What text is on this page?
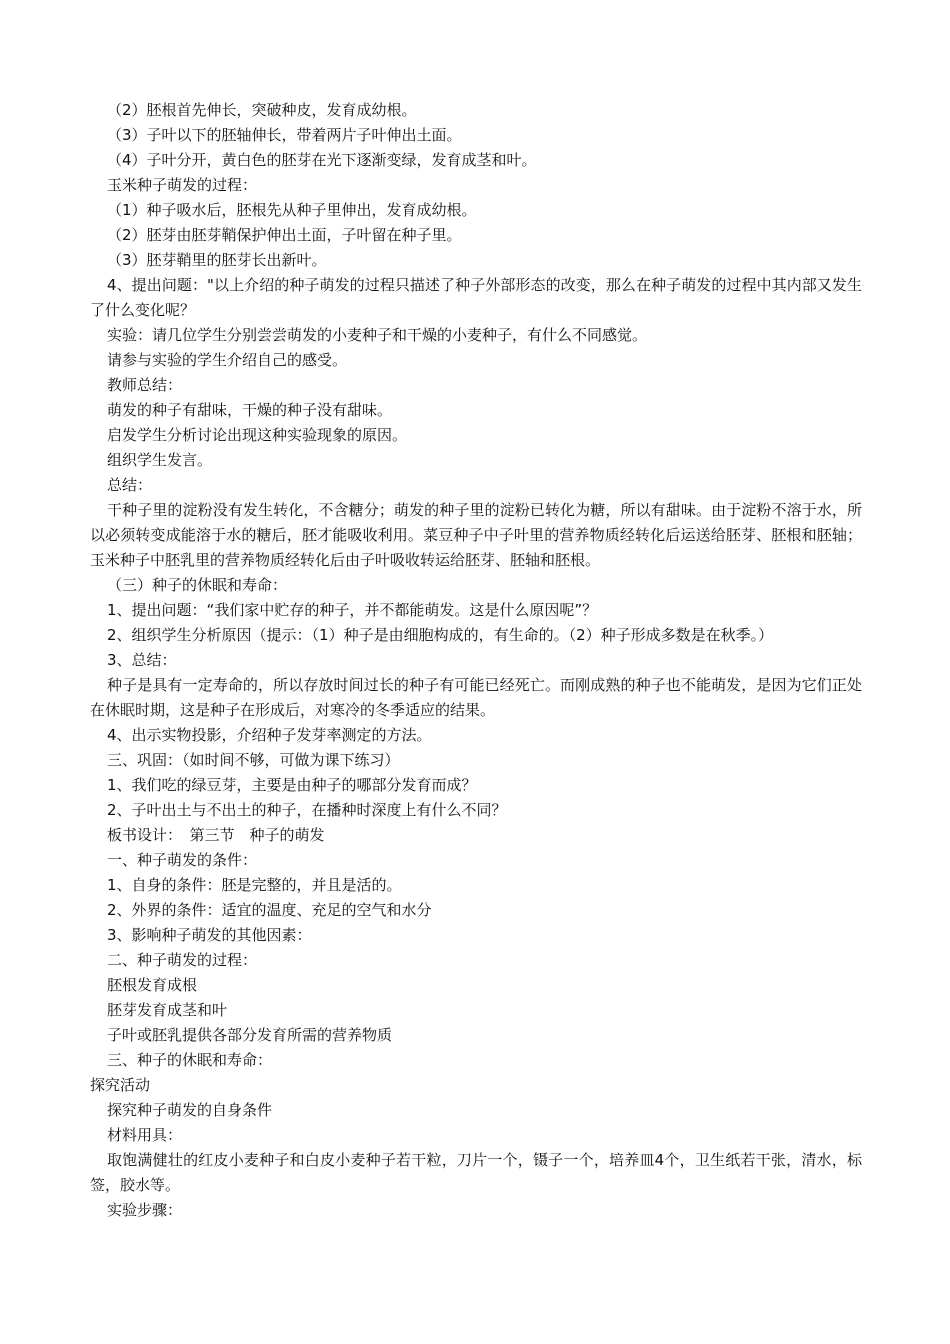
（2）胚根首先伸长，突破种皮，发育成幼根。

（3）子叶以下的胚轴伸长，带着两片子叶伸出土面。

（4）子叶分开，黄白色的胚芽在光下逐渐变绿，发育成茎和叶。

玉米种子萌发的过程：

（1）种子吸水后，胚根先从种子里伸出，发育成幼根。

（2）胚芽由胚芽鞘保护伸出土面，子叶留在种子里。

（3）胚芽鞘里的胚芽长出新叶。

4、提出问题："以上介绍的种子萌发的过程只描述了种子外部形态的改变，那么在种子萌发的过程中其内部又发生了什么变化呢？

实验：请几位学生分别尝尝萌发的小麦种子和干燥的小麦种子，有什么不同感觉。

请参与实验的学生介绍自己的感受。

教师总结：

萌发的种子有甜味，干燥的种子没有甜味。

启发学生分析讨论出现这种实验现象的原因。

组织学生发言。

总结：

干种子里的淀粉没有发生转化，不含糖分；萌发的种子里的淀粉已转化为糖，所以有甜味。由于淀粉不溶于水，所以必须转变成能溶于水的糖后，胚才能吸收利用。菜豆种子中子叶里的营养物质经转化后运送给胚芽、胚根和胚轴；玉米种子中胚乳里的营养物质经转化后由子叶吸收转运给胚芽、胚轴和胚根。

（三）种子的休眠和寿命：

1、提出问题：“我们家中贮存的种子，并不都能萌发。这是什么原因呢”？

2、组织学生分析原因（提示：（1）种子是由细胞构成的，有生命的。（2）种子形成多数是在秋季。）

3、总结：

种子是具有一定寿命的，所以存放时间过长的种子有可能已经死亡。而刚成熟的种子也不能萌发，是因为它们正处在休眠时期，这是种子在形成后，对寒冷的冬季适应的结果。

4、出示实物投影，介绍种子发芽率测定的方法。

三、巩固：（如时间不够，可做为课下练习）

1、我们吃的绿豆芽，主要是由种子的哪部分发育而成？

2、子叶出土与不出土的种子，在播种时深度上有什么不同？

板书设计：　第三节　种子的萌发

一、种子萌发的条件：

1、自身的条件：胚是完整的，并且是活的。

2、外界的条件：适宜的温度、充足的空气和水分

3、影响种子萌发的其他因素：

二、种子萌发的过程：

胚根发育成根

胚芽发育成茎和叶

子叶或胚乳提供各部分发育所需的营养物质

三、种子的休眠和寿命：

探究活动

探究种子萌发的自身条件

材料用具：

取饱满健壮的红皮小麦种子和白皮小麦种子若干粒，刀片一个，镊子一个，培养皿4个，卫生纸若干张，清水，标签，胶水等。

实验步骤：
